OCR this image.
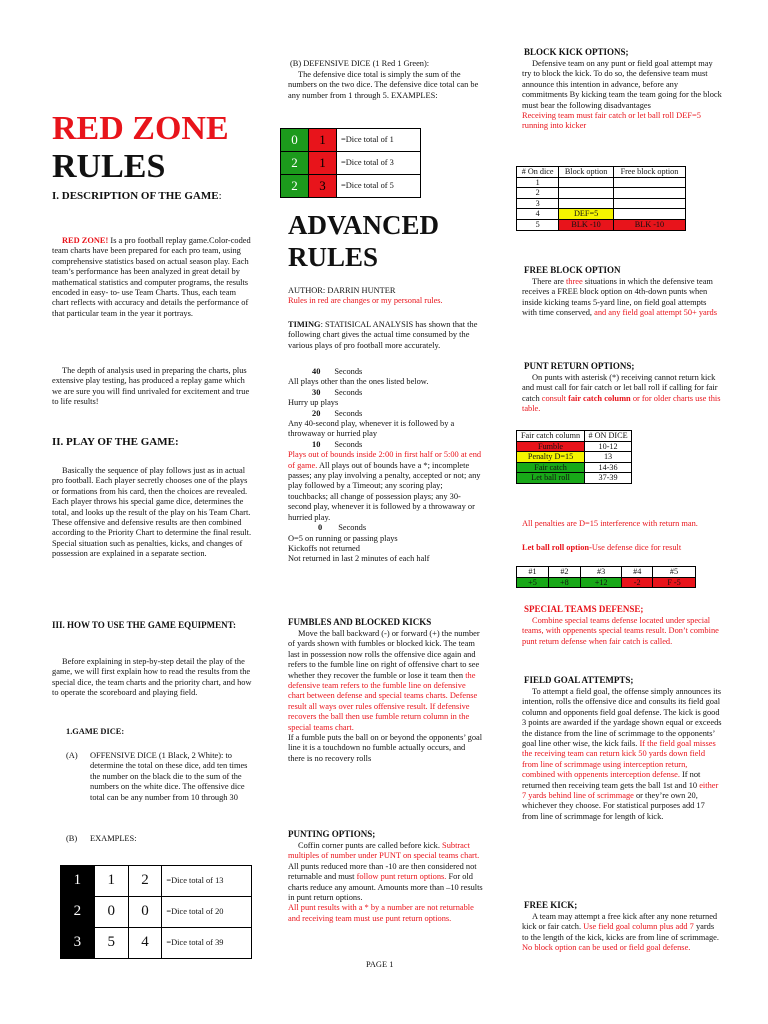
RED ZONE
RULES
I. DESCRIPTION OF THE GAME:
RED ZONE! Is a pro football replay game.Color-coded team charts have been prepared for each pro team, using comprehensive statistics based on actual season play. Each team’s performance has been analyzed in great detail by mathematical statistics and computer programs, the results encoded in easy- to- use Team Charts. Thus, each team chart reflects with accuracy and details the performance of that particular team in the year it portrays.
The depth of analysis used in preparing the charts, plus extensive play testing, has produced a replay game which we are sure you will find unrivaled for excitement and true to life results!
II. PLAY OF THE GAME:
Basically the sequence of play follows just as in actual pro football. Each player secretly chooses one of the plays or formations from his card, then the choices are revealed. Each player throws his special game dice, determines the total, and looks up the result of the play on his Team Chart. These offensive and defensive results are then combined according to the Priority Chart to determine the final result. Special situation such as penalties, kicks, and changes of possession are explained in a separate section.
III. HOW TO USE THE GAME EQUIPMENT:
Before explaining in step-by-step detail the play of the game, we will first explain how to read the results from the special dice, the team charts and the priority chart, and how to operate the scoreboard and playing field.
1.GAME DICE:
(A) OFFENSIVE DICE (1 Black, 2 White): to determine the total on these dice, add ten times the number on the black die to the sum of the numbers on the white dice. The offensive dice total can be any number from 10 through 30
(B) EXAMPLES:
1	1	2	=Dice total of 13
2	0	0	=Dice total of 20
3	5	4	=Dice total of 39
(B) DEFENSIVE DICE (1 Red 1 Green):
The defensive dice total is simply the sum of the numbers on the two dice. The defensive dice total can be any number from 1 through 5. EXAMPLES:
0	1	=Dice total of 1
2	1	=Dice total of 3
2	3	=Dice total of 5
ADVANCED
RULES
AUTHOR: DARRIN HUNTER
Rules in red are changes or my personal rules.
TIMING: STATISICAL ANALYSIS has shown that the following chart gives the actual time consumed by the various plays of pro football more accurately.
40 Seconds
All plays other than the ones listed below.
30 Seconds
Hurry up plays
20 Seconds
Any 40-second play, whenever it is followed by a throwaway or hurried play
10 Seconds
Plays out of bounds inside 2:00 in first half or 5:00 at end of game. All plays out of bounds have a *; incomplete passes; any play involving a penalty, accepted or not; any play followed by a Timeout; any scoring play; touchbacks; all change of possession plays; any 30-second play, whenever it is followed by a throwaway or hurried play.
0 Seconds
O=5 on running or passing plays
Kickoffs not returned
Not returned in last 2 minutes of each half
FUMBLES AND BLOCKED KICKS
Move the ball backward (-) or forward (+) the number of yards shown with fumbles or blocked kick. The team last in possession now rolls the offensive dice again and refers to the fumble line on right of offensive chart to see whether they recover the fumble or lose it team then the defensive team refers to the fumble line on defensive chart between defense and special teams charts. Defense result all ways over rules offensive result. If defensive recovers the ball then use fumble return column in the special teams chart.
If a fumble puts the ball on or beyond the opponents’ goal line it is a touchdown no fumble actually occurs, and there is no recovery rolls
PUNTING OPTIONS;
Coffin corner punts are called before kick. Subtract multiples of number under PUNT on special teams chart. All punts reduced more than -10 are then considered not returnable and must follow punt return options. For old charts reduce any amount. Amounts more than –10 results in punt return options.
All punt results with a * by a number are not returnable and receiving team must use punt return options.
PAGE 1
BLOCK KICK OPTIONS;
Defensive team on any punt or field goal attempt may try to block the kick. To do so, the defensive team must announce this intention in advance, before any commitments By kicking team the team going for the block must bear the following disadvantages
Receiving team must fair catch or let ball roll DEF=5 running into kicker
# On dice	Block option	Free block option
1		
2		
3		
4	DEF=5	
5	BLK -10	BLK -10
FREE BLOCK OPTION
There are three situations in which the defensive team receives a FREE block option on 4th-down punts when inside kicking teams 5-yard line, on field goal attempts with time conserved, and any field goal attempt 50+ yards
PUNT RETURN OPTIONS;
On punts with asterisk (*) receiving cannot return kick and must call for fair catch or let ball roll if calling for fair catch consult fair catch column or for older charts use this table.
Fair catch column	# ON DICE
Fumble	10-12
Penalty D=15	13
Fair catch	14-36
Let ball roll	37-39
All penalties are D=15 interference with return man.
Let ball roll option-Use defense dice for result
#1	#2	#3	#4	#5
+5	+8	+12	-2	F -5
SPECIAL TEAMS DEFENSE;
Combine special teams defense located under special teams, with oppenents special teams result. Don’t combine punt return defense when fair catch is called.
FIELD GOAL ATTEMPTS;
To attempt a field goal, the offense simply announces its intention, rolls the offensive dice and consults its field goal column and opponents field goal defense. The kick is good 3 points are awarded if the yardage shown equal or exceeds the distance from the line of scrimmage to the opponents’ goal line other wise, the kick fails. If the field goal misses the receiving team can return kick 50 yards down field from line of scrimmage using interception return, combined with oppenents interception defense. If not returned then receiving team gets the ball 1st and 10 either 7 yards behind line of scrimmage or they’re own 20, whichever they choose. For statistical purposes add 17 from line of scrimmage for length of kick.
FREE KICK;
A team may attempt a free kick after any none returned kick or fair catch. Use field goal column plus add 7 yards to the length of the kick, kicks are from line of scrimmage. No block option can be used or field goal defense.
